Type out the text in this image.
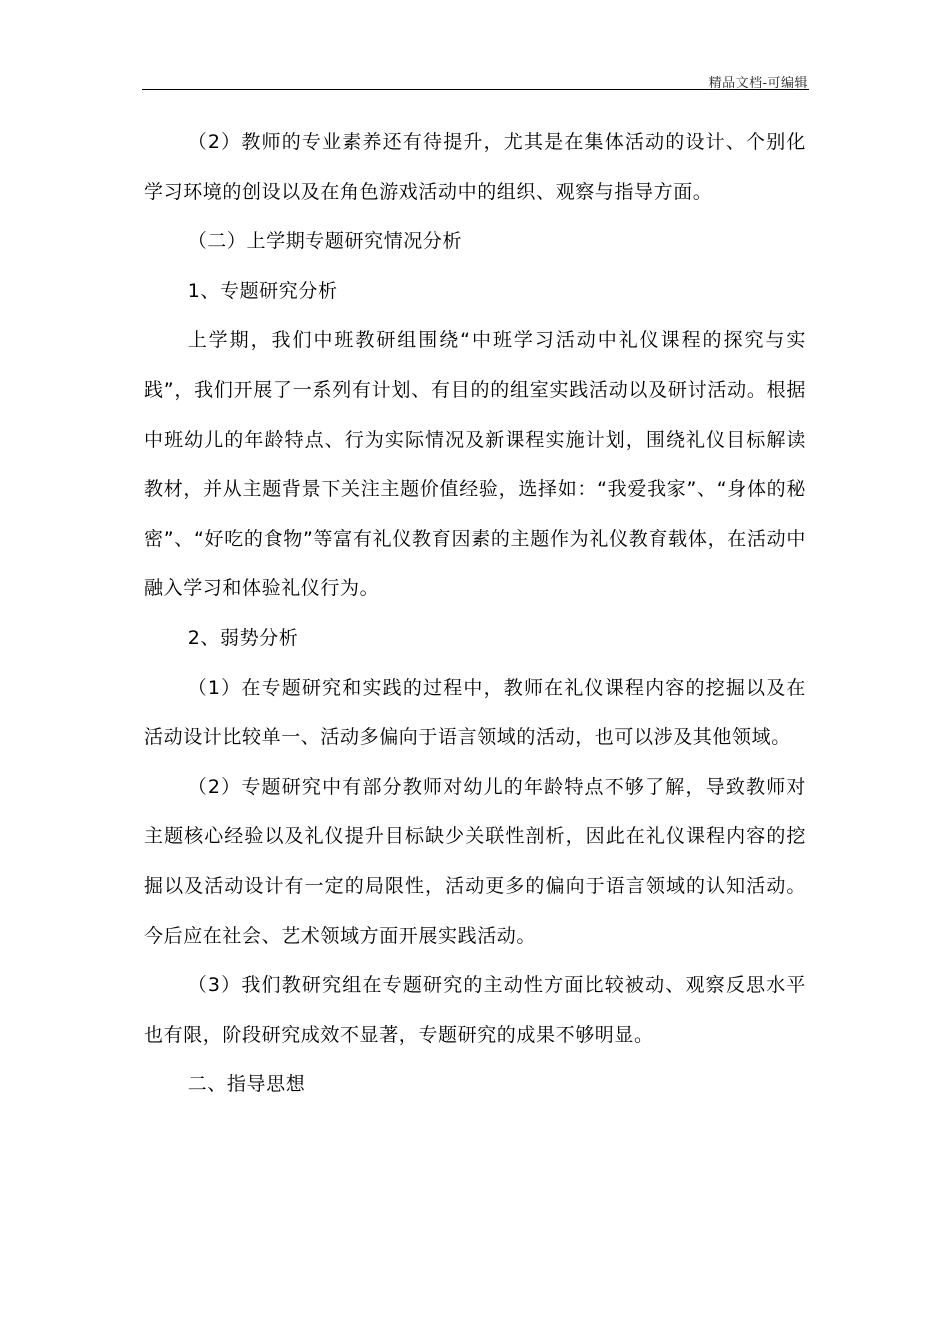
精品文档-可编辑

（2）教师的专业素养还有待提升，尤其是在集体活动的设计、个别化学习环境的创设以及在角色游戏活动中的组织、观察与指导方面。

（二）上学期专题研究情况分析

1、专题研究分析

上学期，我们中班教研组围绕“中班学习活动中礼仪课程的探究与实践”，我们开展了一系列有计划、有目的的组室实践活动以及研讨活动。根据中班幼儿的年龄特点、行为实际情况及新课程实施计划，围绕礼仪目标解读教材，并从主题背景下关注主题价值经验，选择如：“我爱我家”、“身体的秘密”、“好吃的食物”等富有礼仪教育因素的主题作为礼仪教育载体，在活动中融入学习和体验礼仪行为。

2、弱势分析

（1）在专题研究和实践的过程中，教师在礼仪课程内容的挖掘以及在活动设计比较单一、活动多偏向于语言领域的活动，也可以涉及其他领域。

（2）专题研究中有部分教师对幼儿的年龄特点不够了解，导致教师对主题核心经验以及礼仪提升目标缺少关联性剖析，因此在礼仪课程内容的挖掘以及活动设计有一定的局限性，活动更多的偏向于语言领域的认知活动。今后应在社会、艺术领域方面开展实践活动。

（3）我们教研究组在专题研究的主动性方面比较被动、观察反思水平也有限，阶段研究成效不显著，专题研究的成果不够明显。

二、指导思想
